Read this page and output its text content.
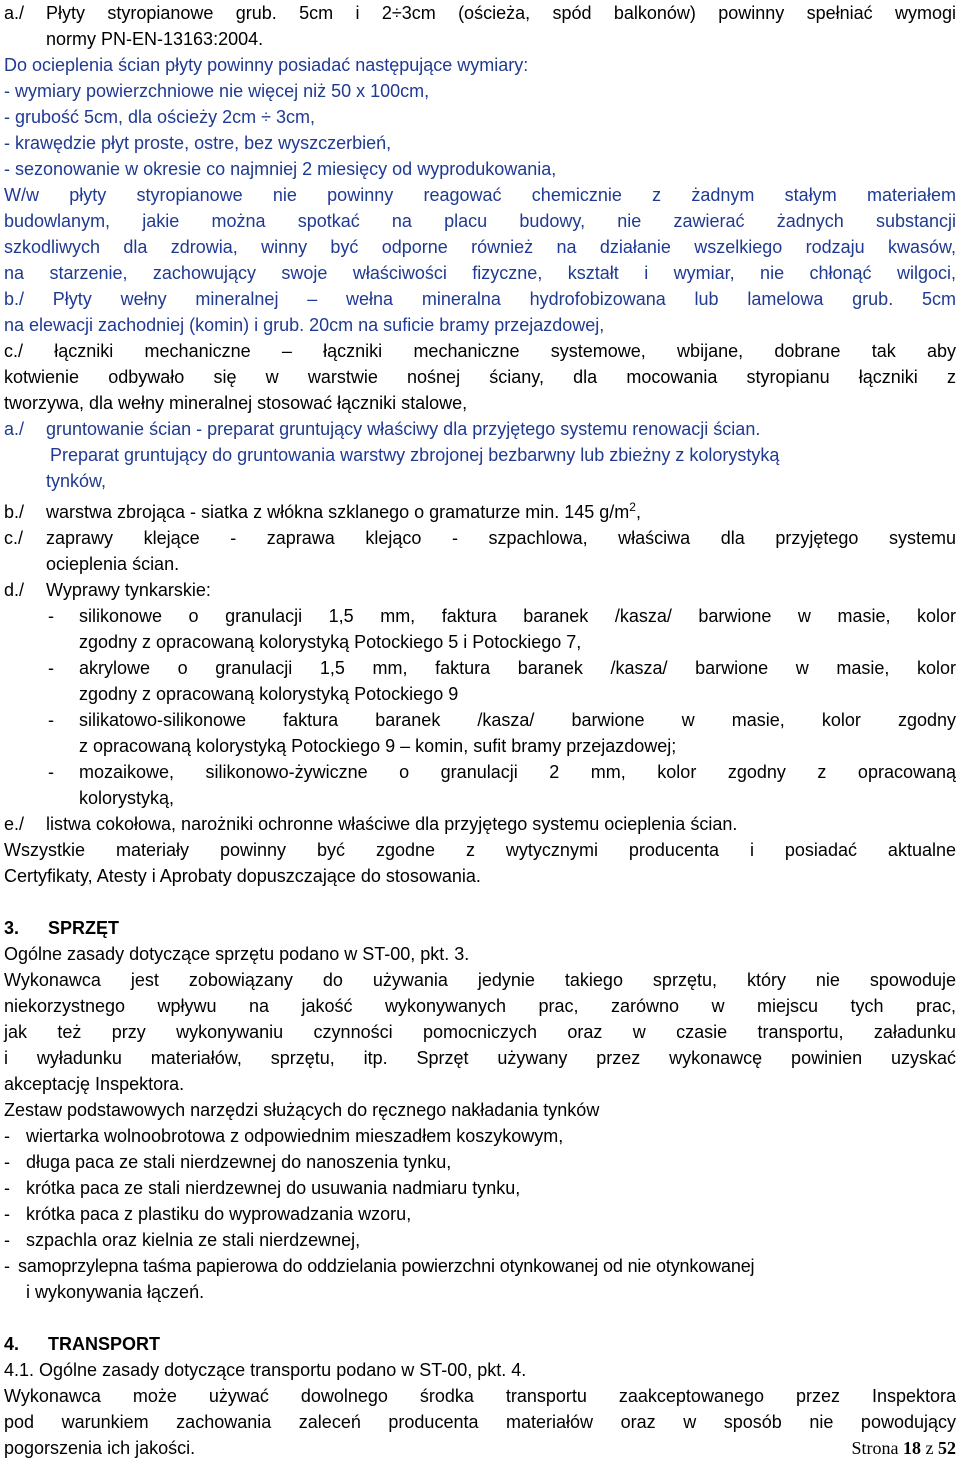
a./ Płyty styropianowe grub. 5cm i 2÷3cm (ościeża, spód balkonów) powinny spełniać wymogi
normy PN-EN-13163:2004.
Do ocieplenia ścian płyty powinny posiadać następujące wymiary:
- wymiary powierzchniowe nie więcej niż 50 x 100cm,
- grubość 5cm, dla ościeży 2cm ÷ 3cm,
- krawędzie płyt proste, ostre, bez wyszczerbień,
- sezonowanie w okresie co najmniej 2 miesięcy od wyprodukowania,
W/w płyty styropianowe nie powinny reagować chemicznie z żadnym stałym materiałem
budowlanym, jakie można spotkać na placu budowy, nie zawierać żadnych substancji
szkodliwych dla zdrowia, winny być odporne również na działanie wszelkiego rodzaju kwasów,
na starzenie, zachowujący swoje właściwości fizyczne, kształt i wymiar, nie chłonąć wilgoci,
b./ Płyty wełny mineralnej – wełna mineralna hydrofobizowana lub lamelowa grub. 5cm
na elewacji zachodniej (komin) i grub. 20cm na suficie bramy przejazdowej,
c./ łączniki mechaniczne – łączniki mechaniczne systemowe, wbijane, dobrane tak aby
kotwienie odbywało się w warstwie nośnej ściany, dla mocowania styropianu łączniki z
tworzywa, dla wełny mineralnej stosować łączniki stalowe,
a./ gruntowanie ścian - preparat gruntujący właściwy dla przyjętego systemu renowacji ścian.
Preparat gruntujący do gruntowania warstwy zbrojonej bezbarwny lub zbieżny z kolorystyką
tynków,
b./ warstwa zbrojąca - siatka z włókna szklanego o gramaturze min. 145 $g/m^2$,
c./ zaprawy klejące - zaprawa klejąco - szpachlowa, właściwa dla przyjętego systemu
ocieplenia ścian.
d./ Wyprawy tynkarskie:
- silikonowe o granulacji 1,5 mm, faktura baranek /kasza/ barwione w masie, kolor
zgodny z opracowaną kolorystyką Potockiego 5 i Potockiego 7,
- akrylowe o granulacji 1,5 mm, faktura baranek /kasza/ barwione w masie, kolor
zgodny z opracowaną kolorystyką Potockiego 9
- silikatowo-silikonowe faktura baranek /kasza/ barwione w masie, kolor zgodny
z opracowaną kolorystyką Potockiego 9 – komin, sufit bramy przejazdowej;
- mozaikowe, silikonowo-żywiczne o granulacji 2 mm, kolor zgodny z opracowaną
kolorystyką,
e./ listwa cokołowa, narożniki ochronne właściwe dla przyjętego systemu ocieplenia ścian.
Wszystkie materiały powinny być zgodne z wytycznymi producenta i posiadać aktualne
Certyfikaty, Atesty i Aprobaty dopuszczające do stosowania.
3. SPRZĘT
Ogólne zasady dotyczące sprzętu podano w ST-00, pkt. 3.
Wykonawca jest zobowiązany do używania jedynie takiego sprzętu, który nie spowoduje
niekorzystnego wpływu na jakość wykonywanych prac, zarówno w miejscu tych prac,
jak też przy wykonywaniu czynności pomocniczych oraz w czasie transportu, załadunku
i wyładunku materiałów, sprzętu, itp. Sprzęt używany przez wykonawcę powinien uzyskać
akceptację Inspektora.
Zestaw podstawowych narzędzi służących do ręcznego nakładania tynków
- wiertarka wolnoobrotowa z odpowiednim mieszadłem koszykowym,
- długa paca ze stali nierdzewnej do nanoszenia tynku,
- krótka paca ze stali nierdzewnej do usuwania nadmiaru tynku,
- krótka paca z plastiku do wyprowadzania wzoru,
- szpachla oraz kielnia ze stali nierdzewnej,
- samoprzylepna taśma papierowa do oddzielania powierzchni otynkowanej od nie otynkowanej
i wykonywania łączeń.
4. TRANSPORT
4.1. Ogólne zasady dotyczące transportu podano w ST-00, pkt. 4.
Wykonawca może używać dowolnego środka transportu zaakceptowanego przez Inspektora
pod warunkiem zachowania zaleceń producenta materiałów oraz w sposób nie powodujący
pogorszenia ich jakości.	Strona 18 z 52
